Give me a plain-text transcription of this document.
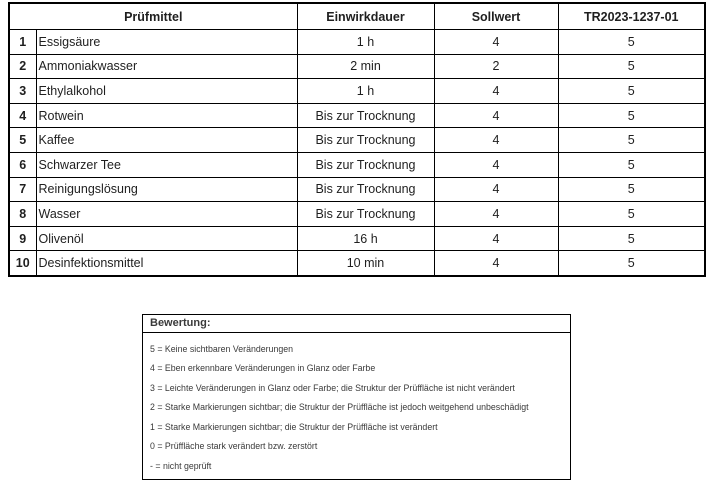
Prüfmittel		Einwirkdauer	Sollwert	TR2023-1237-01
1	Essigsäure	1 h	4	5
2	Ammoniakwasser	2 min	2	5
3	Ethylalkohol	1 h	4	5
4	Rotwein	Bis zur Trocknung	4	5
5	Kaffee	Bis zur Trocknung	4	5
6	Schwarzer Tee	Bis zur Trocknung	4	5
7	Reinigungslösung	Bis zur Trocknung	4	5
8	Wasser	Bis zur Trocknung	4	5
9	Olivenöl	16 h	4	5
10	Desinfektionsmittel	10 min	4	5
Bewertung:
5 = Keine sichtbaren Veränderungen
4 = Eben erkennbare Veränderungen in Glanz oder Farbe
3 = Leichte Veränderungen in Glanz oder Farbe; die Struktur der Prüffläche ist nicht verändert
2 = Starke Markierungen sichtbar; die Struktur der Prüffläche ist jedoch weitgehend unbeschädigt
1 = Starke Markierungen sichtbar; die Struktur der Prüffläche ist verändert
0 = Prüffläche stark verändert bzw. zerstört
- = nicht geprüft
